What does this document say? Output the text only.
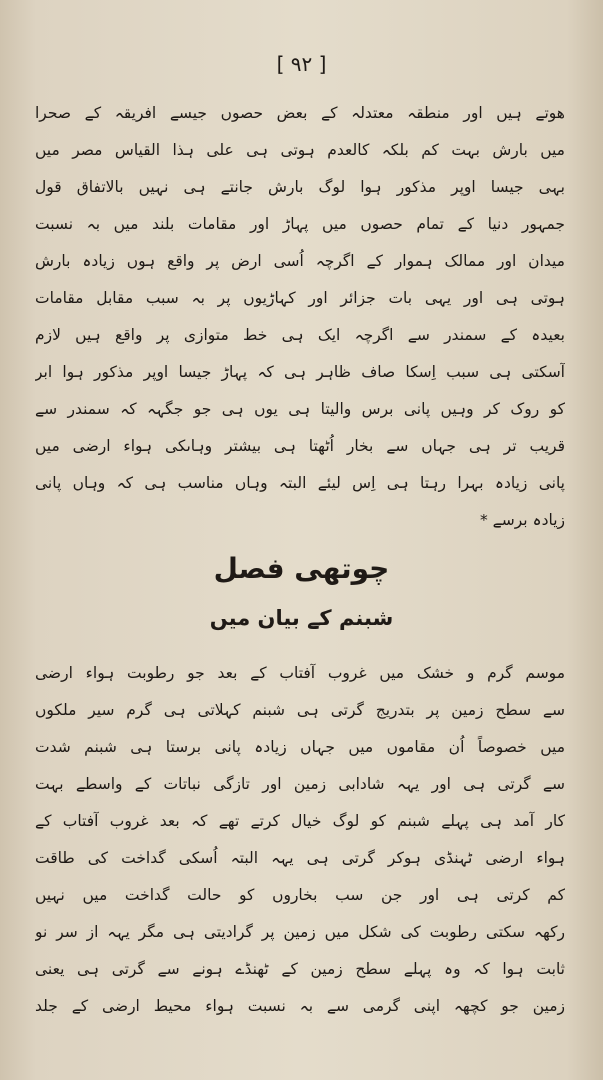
[ ٩٢ ]
هوتے ہیں اور منطقہ معتدلہ کے بعض حصوں جیسے افریقہ کے صحرا
میں بارش بہت کم بلکہ کالعدم ہوتی ہی علی ہذا القیاس مصر میں
بہی جیسا اوپر مذکور ہوا لوگ بارش جانتے ہی نہیں بالاتفاق قول
جمہور دنیا کے تمام حصوں میں پہاڑ اور مقامات بلند میں بہ نسبت
میدان اور ممالک ہموار کے اگرچہ اُسی ارض پر واقع ہوں زیادہ بارش
ہوتی ہی اور یہی بات جزائر اور کہاڑیوں پر بہ سبب مقابل مقامات
بعیدہ کے سمندر سے اگرچہ ایک ہی خط متوازی پر واقع ہیں لازم
آسکتی ہی سبب اِسکا صاف ظاہر ہی کہ پہاڑ جیسا اوپر مذکور ہوا ابر
کو روک کر وہیں پانی برس والیتا ہی یوں ہی جو جگہہ کہ سمندر سے
قریب تر ہی جہاں سے بخار اُٹھتا ہی بیشتر وہاںکی ہواء ارضی میں
پانی زیادہ بہرا رہتا ہی اِس لیئے البتہ وہاں مناسب ہی کہ وہاں پانی
زیادہ برسے *
چوتھی فصل
شبنم کے بیان میں
موسم گرم و خشک میں غروب آفتاب کے بعد جو رطوبت ہواء ارضی
سے سطح زمین پر بتدریج گرتی ہی شبنم کہلاتی ہی گرم سیر ملکوں
میں خصوصاً اُن مقاموں میں جہاں زیادہ پانی برستا ہی شبنم شدت
سے گرتی ہی اور یہہ شادابی زمین اور تازگی نباتات کے واسطے بہت
کار آمد ہی پہلے شبنم کو لوگ خیال کرتے تھے کہ بعد غروب آفتاب کے
ہواء ارضی ٹہنڈی ہوکر گرتی ہی یہہ البتہ اُسکی گداخت کی طاقت
کم کرتی ہی اور جن سب بخاروں کو حالت گداخت میں نہیں
رکھہ سکتی رطوبت کی شکل میں زمین پر گرادیتی ہی مگر یہہ از سر نو
ثابت ہوا کہ وہ پہلے سطح زمین کے ٹھنڈے ہونے سے گرتی ہی یعنی
زمین جو کچھہ اپنی گرمی سے بہ نسبت ہواء محیط ارضی کے جلد
